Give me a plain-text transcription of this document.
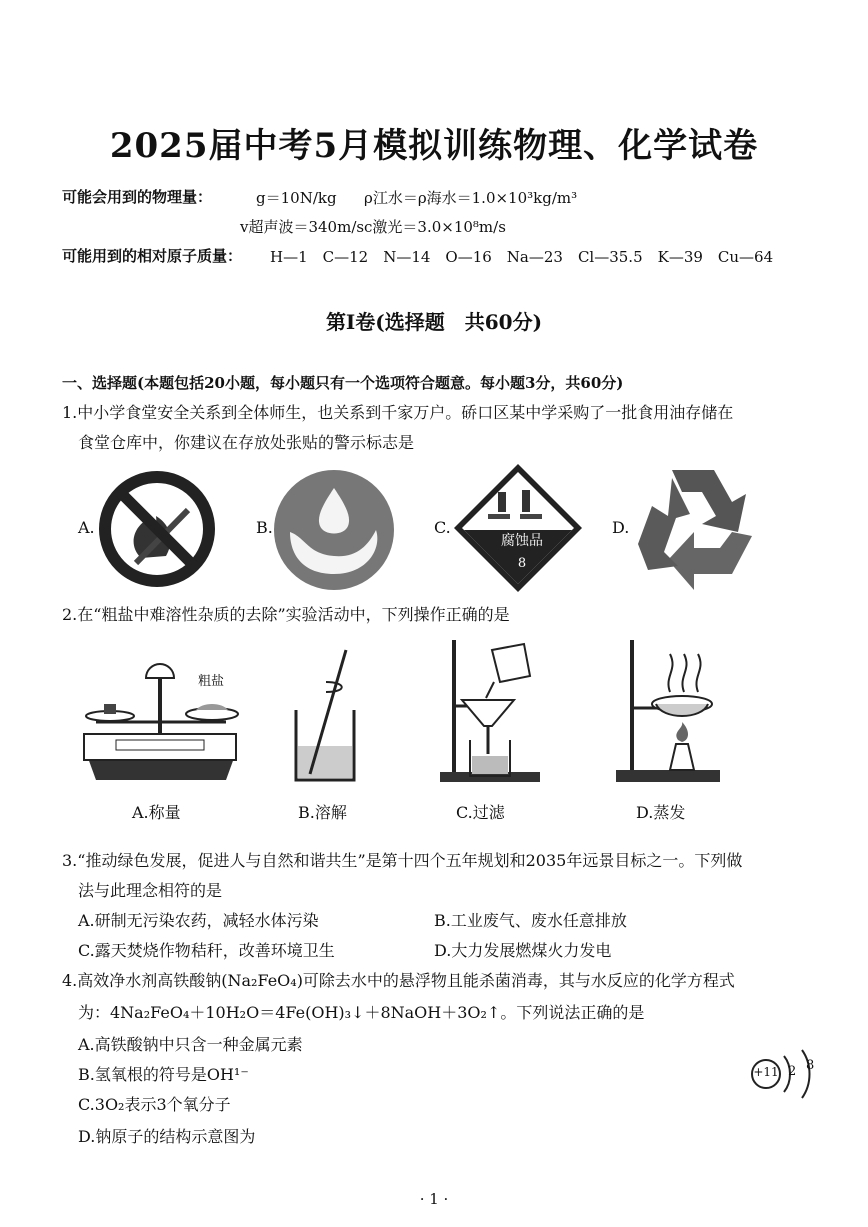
2025届中考5月模拟训练物理、化学试卷
可能会用到的物理量：	g＝10N/kg ρ江水＝ρ海水＝1.0×10³kg/m³
v超声波＝340m/s c激光＝3.0×10⁸m/s
可能用到的相对原子质量： H—1　C—12　N—14　O—16　Na—23　Cl—35.5　K—39　Cu—64
第Ⅰ卷(选择题　共60分)
一、选择题(本题包括20小题，每小题只有一个选项符合题意。每小题3分，共60分)
1.中小学食堂安全关系到全体师生，也关系到千家万户。硚口区某中学采购了一批食用油存储在
食堂仓库中，你建议在存放处张贴的警示标志是
A.	B.	C.
腐蚀品
8
D.
2.在“粗盐中难溶性杂质的去除”实验活动中，下列操作正确的是
粗盐
A.称量	B.溶解	C.过滤	D.蒸发
3.“推动绿色发展，促进人与自然和谐共生”是第十四个五年规划和2035年远景目标之一。下列做
法与此理念相符的是
A.研制无污染农药，减轻水体污染	B.工业废气、废水任意排放
C.露天焚烧作物秸秆，改善环境卫生	D.大力发展燃煤火力发电
4.高效净水剂高铁酸钠(Na₂FeO₄)可除去水中的悬浮物且能杀菌消毒，其与水反应的化学方程式
为：4Na₂FeO₄＋10H₂O＝4Fe(OH)₃↓＋8NaOH＋3O₂↑。下列说法正确的是
A.高铁酸钠中只含一种金属元素
B.氢氧根的符号是OH¹⁻
C.3O₂表示3个氧分子
D.钠原子的结构示意图为
+11 2 8
· 1 ·
